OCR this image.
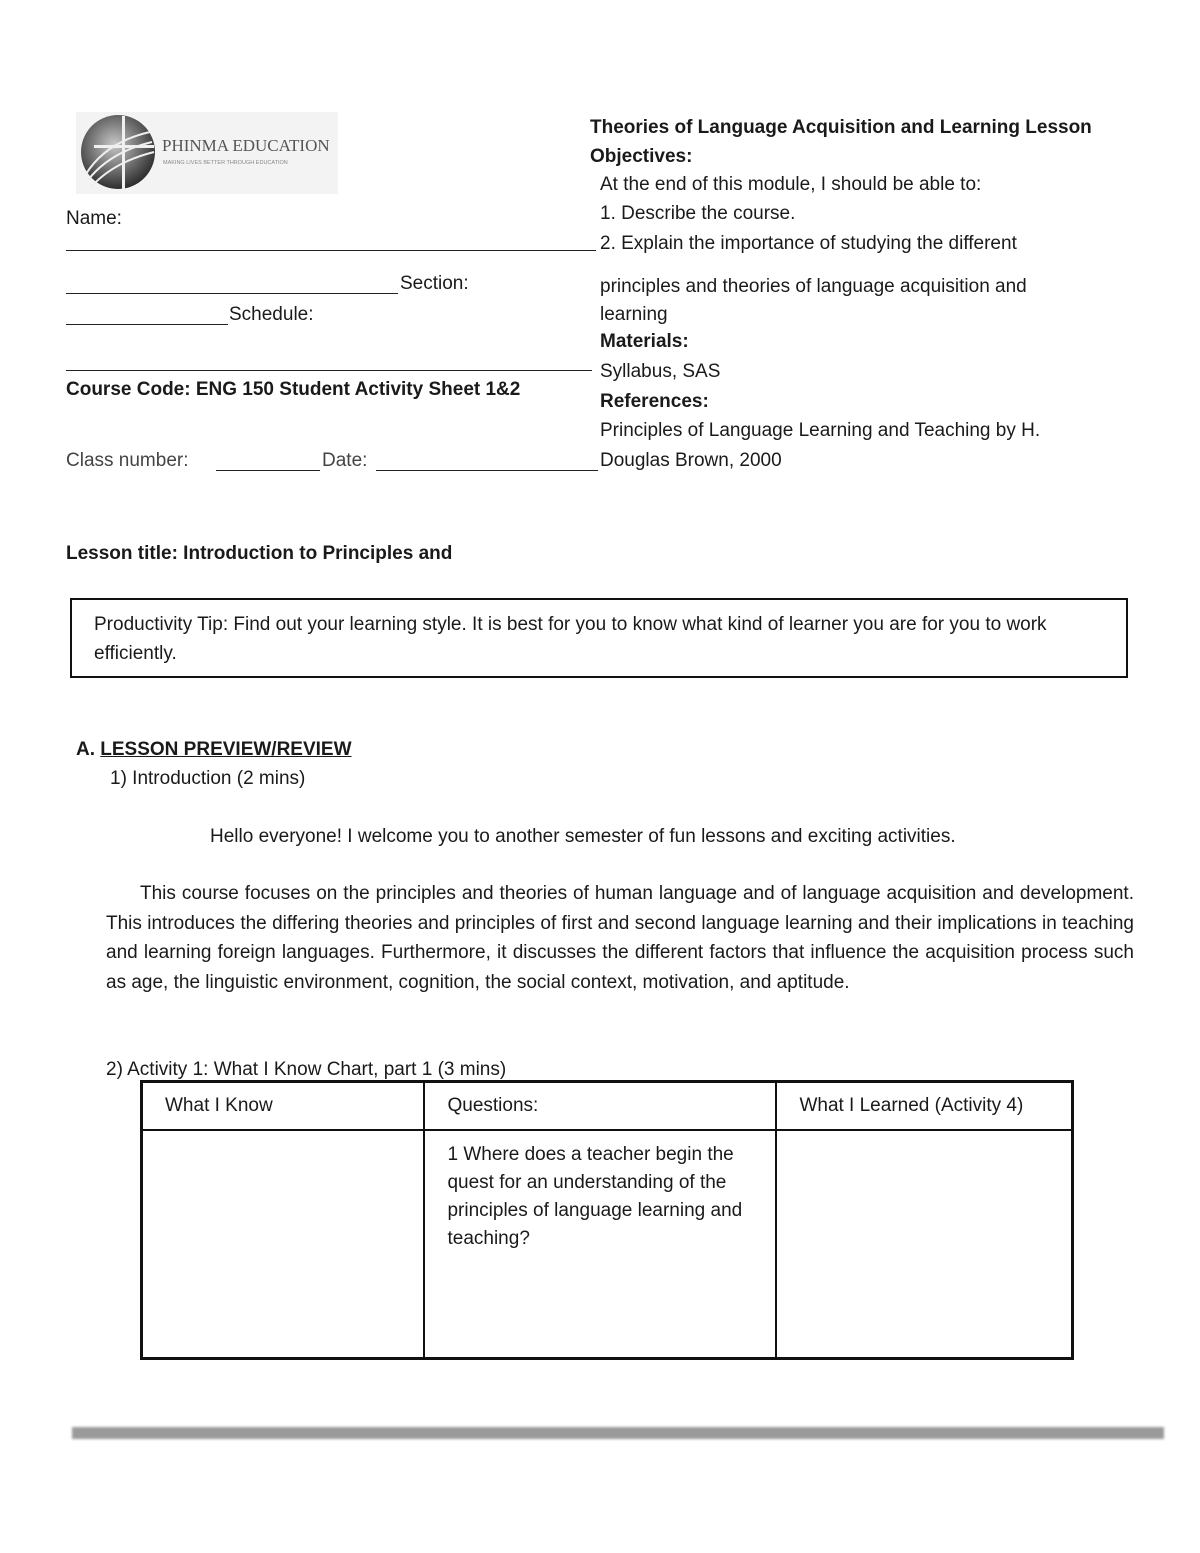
PHINMA EDUCATION
MAKING LIVES BETTER THROUGH EDUCATION
Name:
Section:
Schedule:
Course Code: ENG 150 Student Activity Sheet 1&2
Class number:	Date:
Theories of Language Acquisition and Learning Lesson
Objectives:
At the end of this module, I should be able to:
1. Describe the course.
2. Explain the importance of studying the different
principles and theories of language acquisition and
learning
Materials:
Syllabus, SAS
References:
Principles of Language Learning and Teaching by H.
Douglas Brown, 2000
Lesson title: Introduction to Principles and
Productivity Tip: Find out your learning style. It is best for you to know what kind of learner you are for you to work efficiently.
A. LESSON PREVIEW/REVIEW
1) Introduction (2 mins)
Hello everyone! I welcome you to another semester of fun lessons and exciting activities.
This course focuses on the principles and theories of human language and of language acquisition and development. This introduces the differing theories and principles of first and second language learning and their implications in teaching and learning foreign languages. Furthermore, it discusses the different factors that influence the acquisition process such as age, the linguistic environment, cognition, the social context, motivation, and aptitude.
2) Activity 1: What I Know Chart, part 1 (3 mins)
What I Know	Questions:	What I Learned (Activity 4)
	1 Where does a teacher begin the quest for an understanding of the principles of language learning and teaching?	
